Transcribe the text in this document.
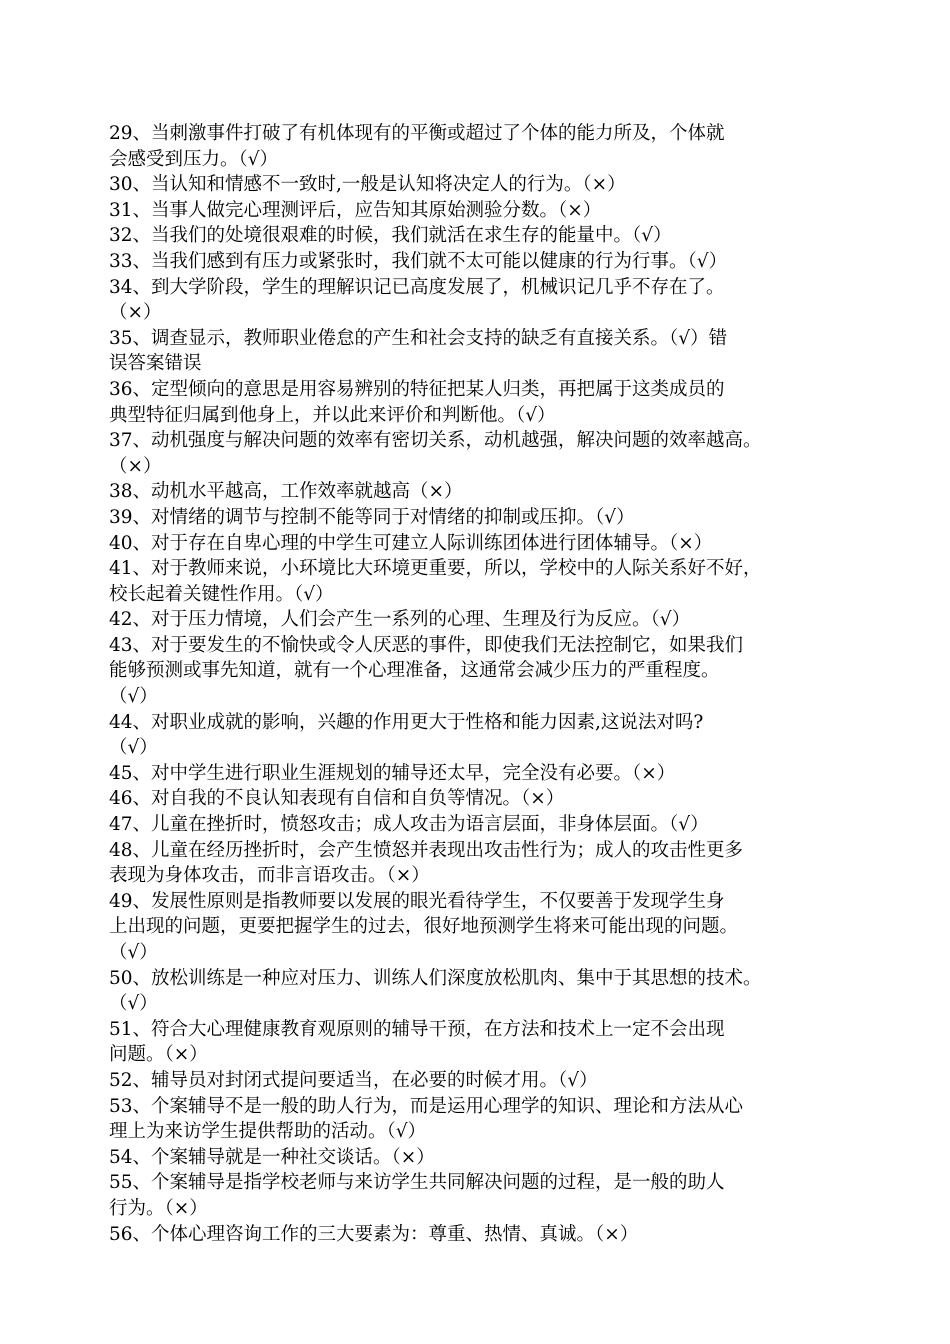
29、当刺激事件打破了有机体现有的平衡或超过了个体的能力所及，个体就
会感受到压力。（√）
30、当认知和情感不一致时,一般是认知将决定人的行为。（×）
31、当事人做完心理测评后，应告知其原始测验分数。（×）
32、当我们的处境很艰难的时候，我们就活在求生存的能量中。（√）
33、当我们感到有压力或紧张时，我们就不太可能以健康的行为行事。（√）
34、到大学阶段，学生的理解识记已高度发展了，机械识记几乎不存在了。
（×）
35、调查显示，教师职业倦怠的产生和社会支持的缺乏有直接关系。（√）错
误答案错误
36、定型倾向的意思是用容易辨别的特征把某人归类，再把属于这类成员的
典型特征归属到他身上，并以此来评价和判断他。（√）
37、动机强度与解决问题的效率有密切关系，动机越强，解决问题的效率越高。
（×）
38、动机水平越高，工作效率就越高（×）
39、对情绪的调节与控制不能等同于对情绪的抑制或压抑。（√）
40、对于存在自卑心理的中学生可建立人际训练团体进行团体辅导。（×）
41、对于教师来说，小环境比大环境更重要，所以，学校中的人际关系好不好，
校长起着关键性作用。（√）
42、对于压力情境，人们会产生一系列的心理、生理及行为反应。（√）
43、对于要发生的不愉快或令人厌恶的事件，即使我们无法控制它，如果我们
能够预测或事先知道，就有一个心理准备，这通常会减少压力的严重程度。
（√）
44、对职业成就的影响，兴趣的作用更大于性格和能力因素,这说法对吗?
（√）
45、对中学生进行职业生涯规划的辅导还太早，完全没有必要。（×）
46、对自我的不良认知表现有自信和自负等情况。（×）
47、儿童在挫折时，愤怒攻击；成人攻击为语言层面，非身体层面。（√）
48、儿童在经历挫折时，会产生愤怒并表现出攻击性行为；成人的攻击性更多
表现为身体攻击，而非言语攻击。（×）
49、发展性原则是指教师要以发展的眼光看待学生，不仅要善于发现学生身
上出现的问题，更要把握学生的过去，很好地预测学生将来可能出现的问题。
（√）
50、放松训练是一种应对压力、训练人们深度放松肌肉、集中于其思想的技术。
（√）
51、符合大心理健康教育观原则的辅导干预，在方法和技术上一定不会出现
问题。（×）
52、辅导员对封闭式提问要适当，在必要的时候才用。（√）
53、个案辅导不是一般的助人行为，而是运用心理学的知识、理论和方法从心
理上为来访学生提供帮助的活动。（√）
54、个案辅导就是一种社交谈话。（×）
55、个案辅导是指学校老师与来访学生共同解决问题的过程，是一般的助人
行为。（×）
56、个体心理咨询工作的三大要素为：尊重、热情、真诚。（×）
